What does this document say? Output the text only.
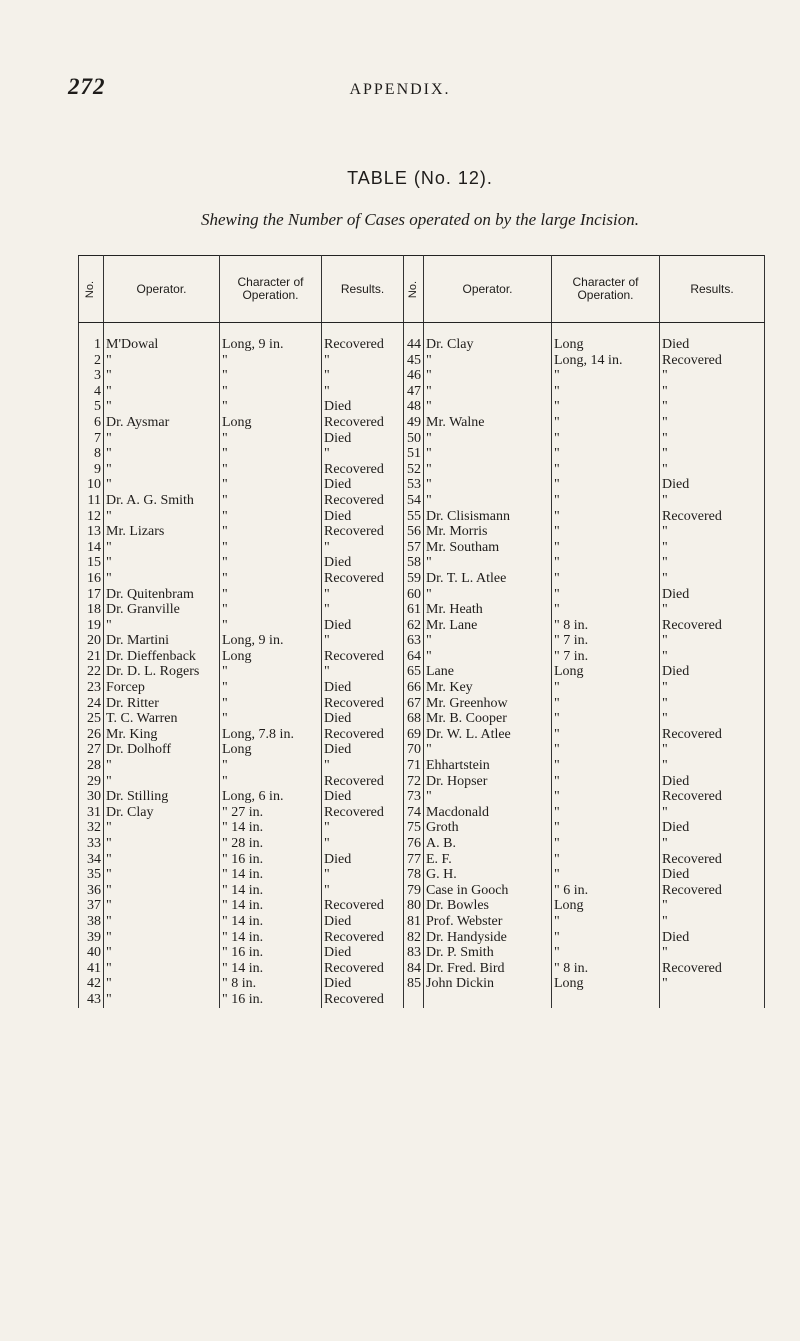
272	APPENDIX.
TABLE (No. 12).
Shewing the Number of Cases operated on by the large Incision.
No.	Operator.	Character of Operation.	Results.	No.	Operator.	Character of Operation.	Results.

1	M'Dowal	Long, 9 in.	Recovered	44	Dr. Clay	Long	Died
2	"	"	"	45	"	Long, 14 in.	Recovered
3	"	"	"	46	"	"	"
4	"	"	"	47	"	"	"
5	"	"	Died	48	"	"	"
6	Dr. Aysmar	Long	Recovered	49	Mr. Walne	"	"
7	"	"	Died	50	"	"	"
8	"	"	"	51	"	"	"
9	"	"	Recovered	52	"	"	"
10	"	"	Died	53	"	"	Died
11	Dr. A. G. Smith	"	Recovered	54	"	"	"
12	"	"	Died	55	Dr. Clisismann	"	Recovered
13	Mr. Lizars	"	Recovered	56	Mr. Morris	"	"
14	"	"	"	57	Mr. Southam	"	"
15	"	"	Died	58	"	"	"
16	"	"	Recovered	59	Dr. T. L. Atlee	"	"
17	Dr. Quitenbram	"	"	60	"	"	Died
18	Dr. Granville	"	"	61	Mr. Heath	"	"
19	"	"	Died	62	Mr. Lane	" 8 in.	Recovered
20	Dr. Martini	Long, 9 in.	"	63	"	" 7 in.	"
21	Dr. Dieffenback	Long	Recovered	64	"	" 7 in.	"
22	Dr. D. L. Rogers	"	"	65	Lane	Long	Died
23	Forcep	"	Died	66	Mr. Key	"	"
24	Dr. Ritter	"	Recovered	67	Mr. Greenhow	"	"
25	T. C. Warren	"	Died	68	Mr. B. Cooper	"	"
26	Mr. King	Long, 7.8 in.	Recovered	69	Dr. W. L. Atlee	"	Recovered
27	Dr. Dolhoff	Long	Died	70	"	"	"
28	"	"	"	71	Ehhartstein	"	"
29	"	"	Recovered	72	Dr. Hopser	"	Died
30	Dr. Stilling	Long, 6 in.	Died	73	"	"	Recovered
31	Dr. Clay	" 27 in.	Recovered	74	Macdonald	"	"
32	"	" 14 in.	"	75	Groth	"	Died
33	"	" 28 in.	"	76	A. B.	"	"
34	"	" 16 in.	Died	77	E. F.	"	Recovered
35	"	" 14 in.	"	78	G. H.	"	Died
36	"	" 14 in.	"	79	Case in Gooch	" 6 in.	Recovered
37	"	" 14 in.	Recovered	80	Dr. Bowles	Long	"
38	"	" 14 in.	Died	81	Prof. Webster	"	"
39	"	" 14 in.	Recovered	82	Dr. Handyside	"	Died
40	"	" 16 in.	Died	83	Dr. P. Smith	"	"
41	"	" 14 in.	Recovered	84	Dr. Fred. Bird	" 8 in.	Recovered
42	"	" 8 in.	Died	85	John Dickin	Long	"
43	"	" 16 in.	Recovered				
